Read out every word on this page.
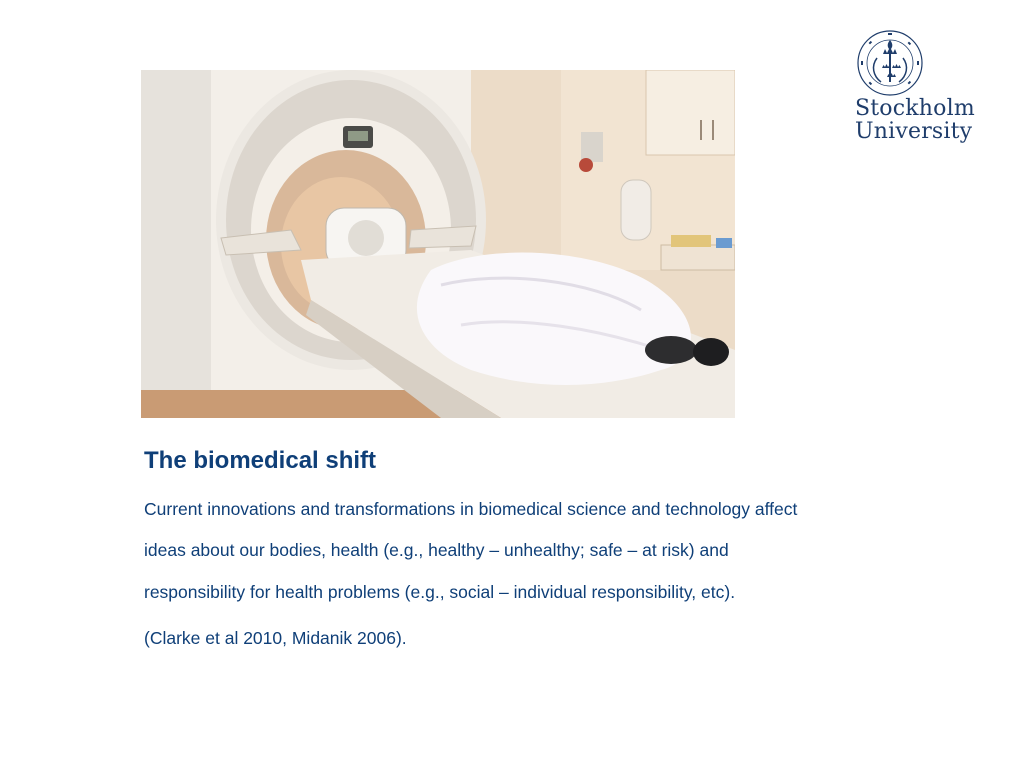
Stockholm
University
The biomedical shift
Current innovations and transformations in biomedical science and technology affect
ideas about our bodies, health (e.g., healthy – unhealthy; safe – at risk) and
responsibility for health problems (e.g., social – individual responsibility, etc).
(Clarke et al 2010, Midanik 2006).
